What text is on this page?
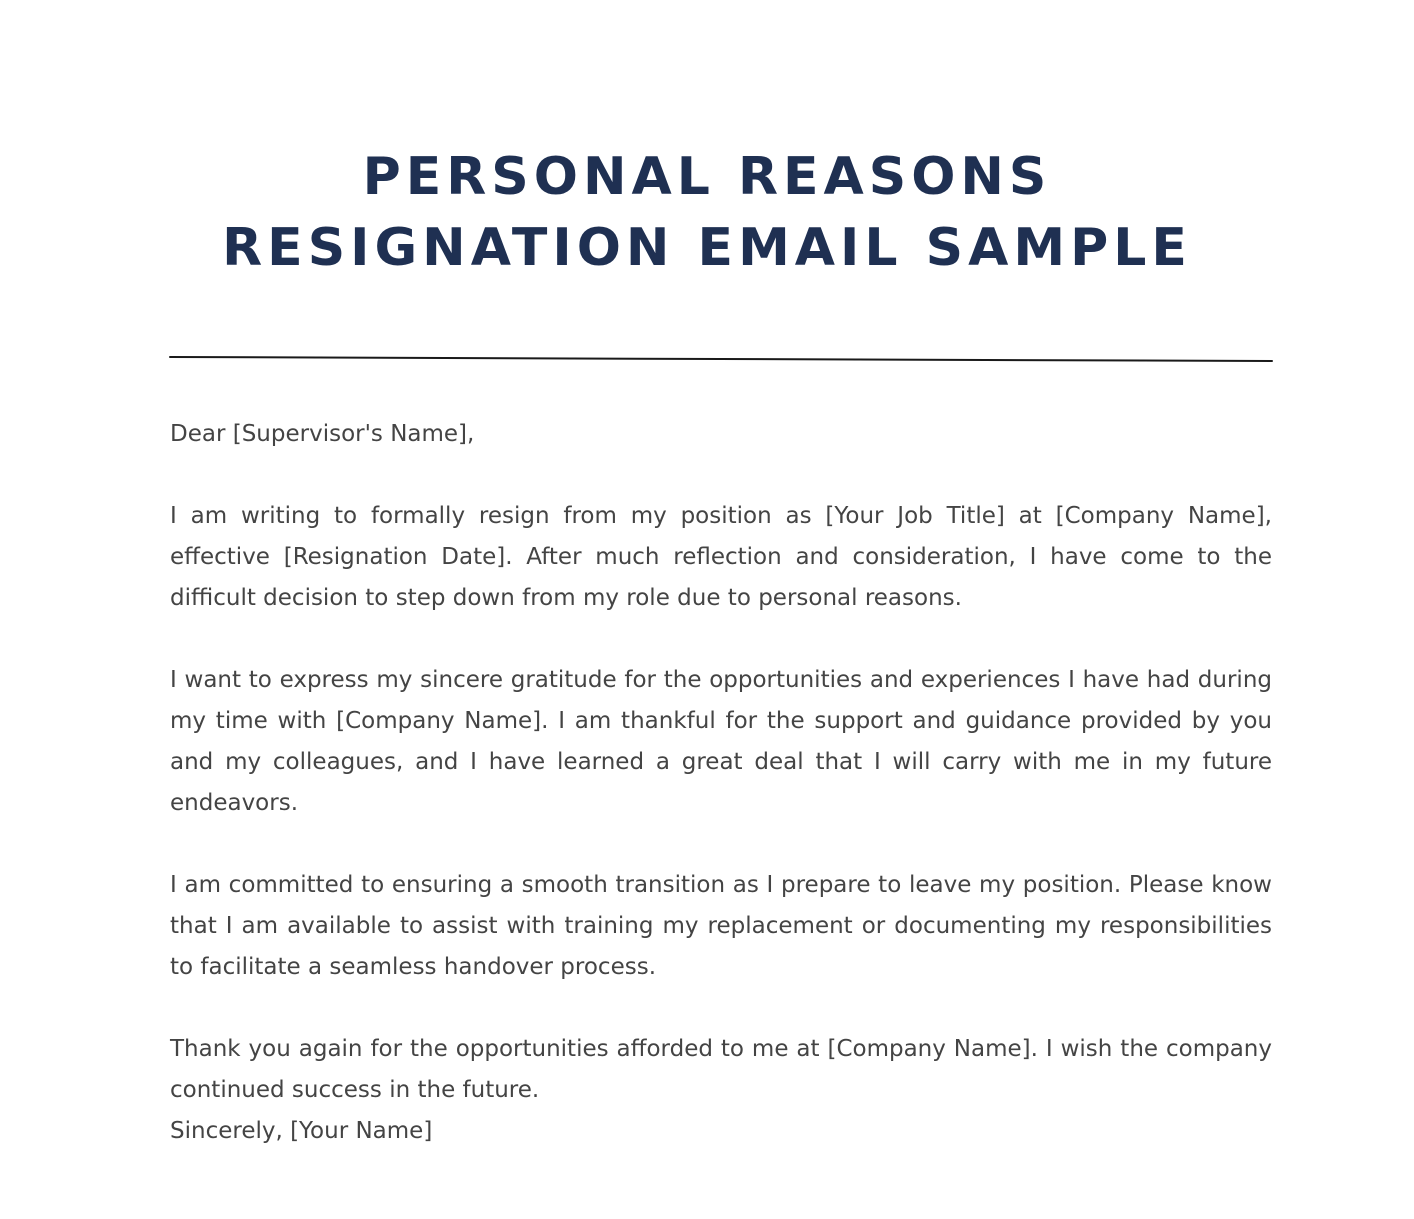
PERSONAL REASONS
RESIGNATION EMAIL SAMPLE

Dear [Supervisor's Name],

I am writing to formally resign from my position as [Your Job Title] at [Company Name], effective [Resignation Date]. After much reflection and consideration, I have come to the difficult decision to step down from my role due to personal reasons.

I want to express my sincere gratitude for the opportunities and experiences I have had during my time with [Company Name]. I am thankful for the support and guidance provided by you and my colleagues, and I have learned a great deal that I will carry with me in my future endeavors.

I am committed to ensuring a smooth transition as I prepare to leave my position. Please know that I am available to assist with training my replacement or documenting my responsibilities to facilitate a seamless handover process.

Thank you again for the opportunities afforded to me at [Company Name]. I wish the company continued success in the future.

Sincerely, [Your Name]
